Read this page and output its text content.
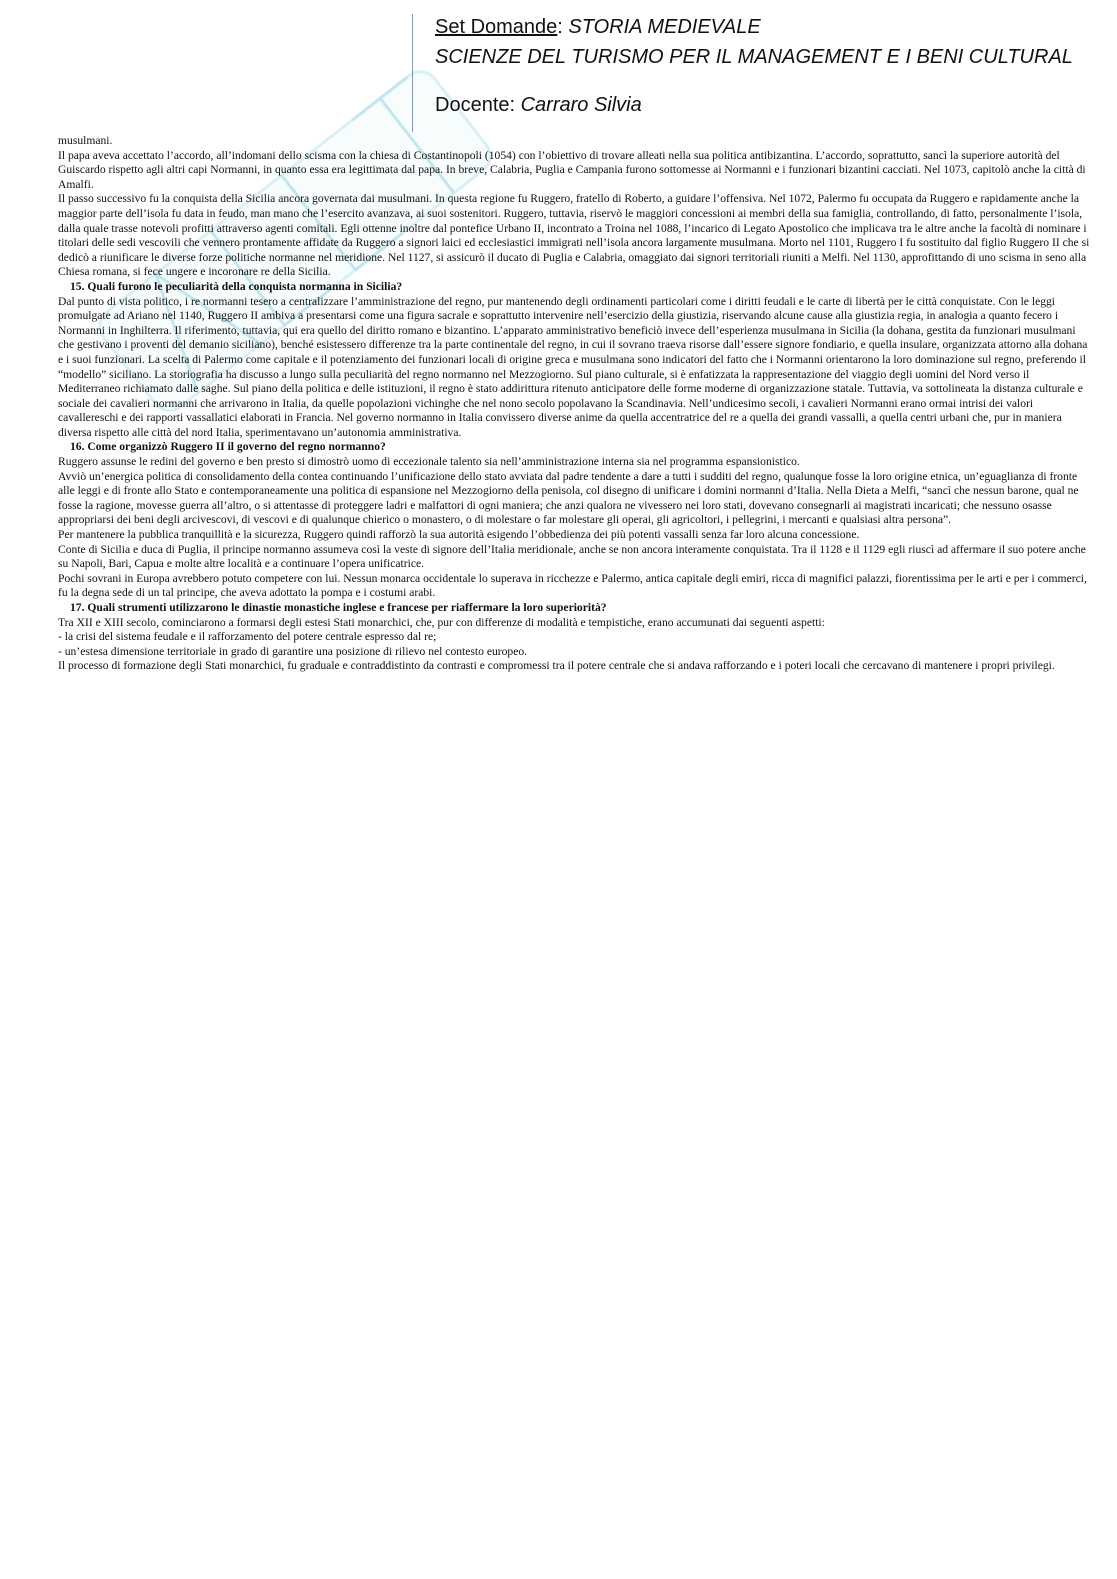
Set Domande: STORIA MEDIEVALE
SCIENZE DEL TURISMO PER IL MANAGEMENT E I BENI CULTURAL
Docente: Carraro Silvia

musulmani.

Il papa aveva accettato l’accordo, all’indomani dello scisma con la chiesa di Costantinopoli (1054) con l’obiettivo di trovare alleati nella sua politica antibizantina. L’accordo, soprattutto, sancì la superiore autorità del Guiscardo rispetto agli altri capi Normanni, in quanto essa era legittimata dal papa. In breve, Calabria, Puglia e Campania furono sottomesse ai Normanni e i funzionari bizantini cacciati. Nel 1073, capitolò anche la città di Amalfi.

Il passo successivo fu la conquista della Sicilia ancora governata dai musulmani. In questa regione fu Ruggero, fratello di Roberto, a guidare l’offensiva. Nel 1072, Palermo fu occupata da Ruggero e rapidamente anche la maggior parte dell’isola fu data in feudo, man mano che l’esercito avanzava, ai suoi sostenitori. Ruggero, tuttavia, riservò le maggiori concessioni ai membri della sua famiglia, controllando, di fatto, personalmente l’isola, dalla quale trasse notevoli profitti attraverso agenti comitali. Egli ottenne inoltre dal pontefice Urbano II, incontrato a Troina nel 1088, l’incarico di Legato Apostolico che implicava tra le altre anche la facoltà di nominare i titolari delle sedi vescovili che vennero prontamente affidate da Ruggero a signori laici ed ecclesiastici immigrati nell’isola ancora largamente musulmana. Morto nel 1101, Ruggero I fu sostituito dal figlio Ruggero II che si dedicò a riunificare le diverse forze politiche normanne nel meridione. Nel 1127, si assicurò il ducato di Puglia e Calabria, omaggiato dai signori territoriali riuniti a Melfi. Nel 1130, approfittando di uno scisma in seno alla Chiesa romana, si fece ungere e incoronare re della Sicilia.

15. Quali furono le peculiarità della conquista normanna in Sicilia?

Dal punto di vista politico, i re normanni tesero a centralizzare l’amministrazione del regno, pur mantenendo degli ordinamenti particolari come i diritti feudali e le carte di libertà per le città conquistate. Con le leggi promulgate ad Ariano nel 1140, Ruggero II ambiva a presentarsi come una figura sacrale e soprattutto intervenire nell’esercizio della giustizia, riservando alcune cause alla giustizia regia, in analogia a quanto fecero i Normanni in Inghilterra. Il riferimento, tuttavia, qui era quello del diritto romano e bizantino. L’apparato amministrativo beneficiò invece dell’esperienza musulmana in Sicilia (la dohana, gestita da funzionari musulmani che gestivano i proventi del demanio siciliano), benché esistessero differenze tra la parte continentale del regno, in cui il sovrano traeva risorse dall’essere signore fondiario, e quella insulare, organizzata attorno alla dohana e i suoi funzionari. La scelta di Palermo come capitale e il potenziamento dei funzionari locali di origine greca e musulmana sono indicatori del fatto che i Normanni orientarono la loro dominazione sul regno, preferendo il “modello” siciliano. La storiografia ha discusso a lungo sulla peculiarità del regno normanno nel Mezzogiorno. Sul piano culturale, si è enfatizzata la rappresentazione del viaggio degli uomini del Nord verso il Mediterraneo richiamato dalle saghe. Sul piano della politica e delle istituzioni, il regno è stato addirittura ritenuto anticipatore delle forme moderne di organizzazione statale. Tuttavia, va sottolineata la distanza culturale e sociale dei cavalieri normanni che arrivarono in Italia, da quelle popolazioni vichinghe che nel nono secolo popolavano la Scandinavia. Nell’undicesimo secoli, i cavalieri Normanni erano ormai intrisi dei valori cavallereschi e dei rapporti vassallatici elaborati in Francia. Nel governo normanno in Italia convissero diverse anime da quella accentratrice del re a quella dei grandi vassalli, a quella centri urbani che, pur in maniera diversa rispetto alle città del nord Italia, sperimentavano un’autonomia amministrativa.

16. Come organizzò Ruggero II il governo del regno normanno?

Ruggero assunse le redini del governo e ben presto si dimostrò uomo di eccezionale talento sia nell’amministrazione interna sia nel programma espansionistico.

Avviò un’energica politica di consolidamento della contea continuando l’unificazione dello stato avviata dal padre tendente a dare a tutti i sudditi del regno, qualunque fosse la loro origine etnica, un’eguaglianza di fronte alle leggi e di fronte allo Stato e contemporaneamente una politica di espansione nel Mezzogiorno della penisola, col disegno di unificare i domini normanni d’Italia. Nella Dieta a Melfi, “sancì che nessun barone, qual ne fosse la ragione, movesse guerra all’altro, o si attentasse di proteggere ladri e malfattori di ogni maniera; che anzi qualora ne vivessero nei loro stati, dovevano consegnarli ai magistrati incaricati; che nessuno osasse appropriarsi dei beni degli arcivescovi, di vescovi e di qualunque chierico o monastero, o di molestare o far molestare gli operai, gli agricoltori, i pellegrini, i mercanti e qualsiasi altra persona”.

Per mantenere la pubblica tranquillità e la sicurezza, Ruggero quindi rafforzò la sua autorità esigendo l’obbedienza dei più potenti vassalli senza far loro alcuna concessione.

Conte di Sicilia e duca di Puglia, il principe normanno assumeva così la veste di signore dell’Italia meridionale, anche se non ancora interamente conquistata. Tra il 1128 e il 1129 egli riuscì ad affermare il suo potere anche su Napoli, Bari, Capua e molte altre località e a continuare l’opera unificatrice.

Pochi sovrani in Europa avrebbero potuto competere con lui. Nessun monarca occidentale lo superava in ricchezze e Palermo, antica capitale degli emiri, ricca di magnifici palazzi, fiorentissima per le arti e per i commerci, fu la degna sede di un tal principe, che aveva adottato la pompa e i costumi arabi.

17. Quali strumenti utilizzarono le dinastie monastiche inglese e francese per riaffermare la loro superiorità?

Tra XII e XIII secolo, cominciarono a formarsi degli estesi Stati monarchici, che, pur con differenze di modalità e tempistiche, erano accumunati dai seguenti aspetti:

- la crisi del sistema feudale e il rafforzamento del potere centrale espresso dal re;

- un’estesa dimensione territoriale in grado di garantire una posizione di rilievo nel contesto europeo.

Il processo di formazione degli Stati monarchici, fu graduale e contraddistinto da contrasti e compromessi tra il potere centrale che si andava rafforzando e i poteri locali che cercavano di mantenere i propri privilegi.
